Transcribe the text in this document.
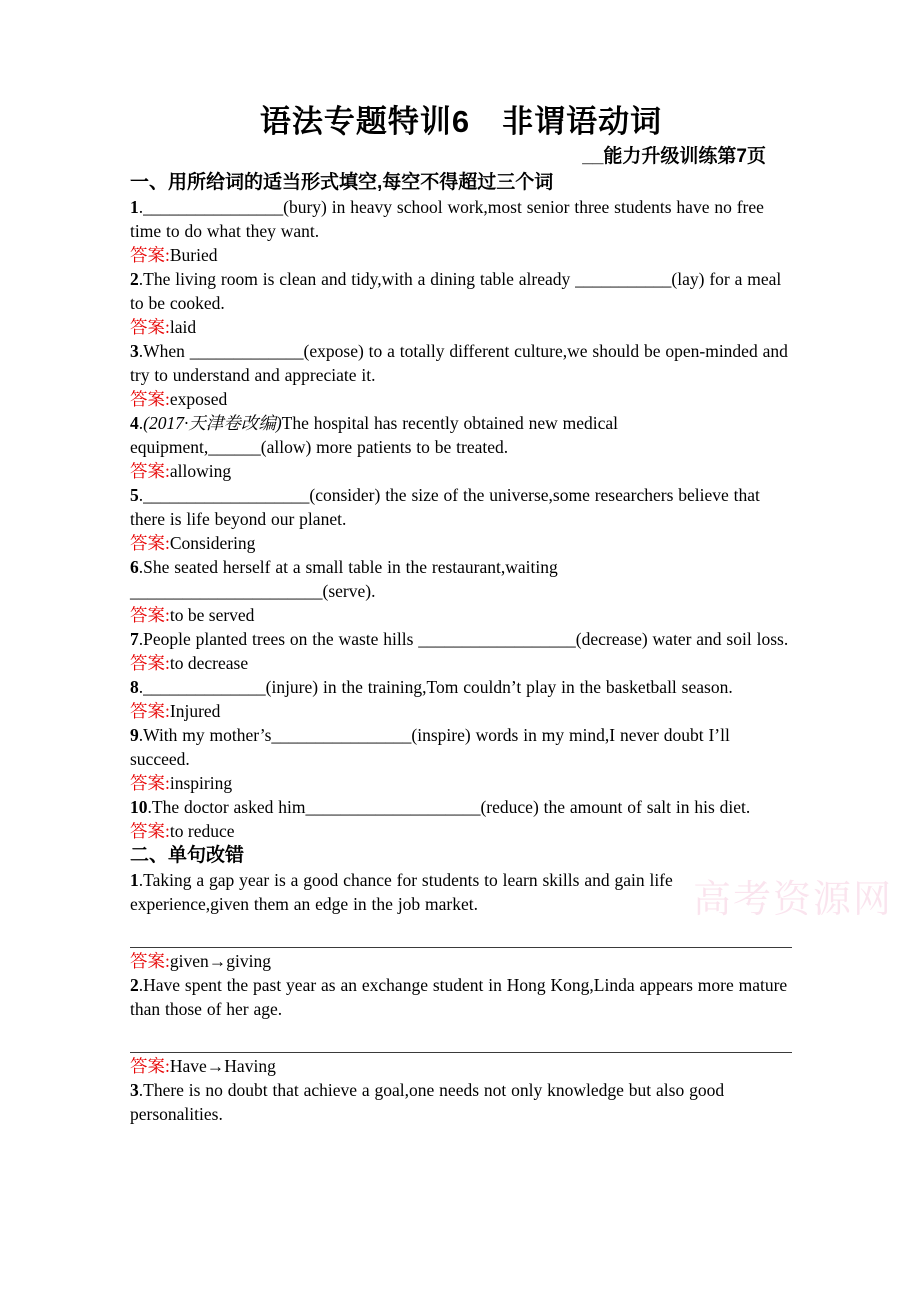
高考资源网
语法专题特训6　非谓语动词
__能力升级训练第7页
一、用所给词的适当形式填空,每空不得超过三个词

1.________________(bury) in heavy school work,most senior three students have no free time to do what they want.

答案:Buried

2.The living room is clean and tidy,with a dining table already ___________(lay) for a meal to be cooked.

答案:laid

3.When _____________(expose) to a totally different culture,we should be open-minded and try to understand and appreciate it.

答案:exposed

4.(2017·天津卷改编)The hospital has recently obtained new medical equipment,______(allow) more patients to be treated.

答案:allowing

5.___________________(consider) the size of the universe,some researchers believe that there is life beyond our planet.

答案:Considering

6.She seated herself at a small table in the restaurant,waiting ______________________(serve).

答案:to be served

7.People planted trees on the waste hills __________________(decrease) water and soil loss.

答案:to decrease

8.______________(injure) in the training,Tom couldn’t play in the basketball season.

答案:Injured

9.With my mother’s________________(inspire) words in my mind,I never doubt I’ll succeed.

答案:inspiring

10.The doctor asked him____________________(reduce) the amount of salt in his diet.

答案:to reduce

二、单句改错

1.Taking a gap year is a good chance for students to learn skills and gain life experience,given them an edge in the job market.

答案:given→giving

2.Have spent the past year as an exchange student in Hong Kong,Linda appears more mature than those of her age.

答案:Have→Having

3.There is no doubt that achieve a goal,one needs not only knowledge but also good personalities.
